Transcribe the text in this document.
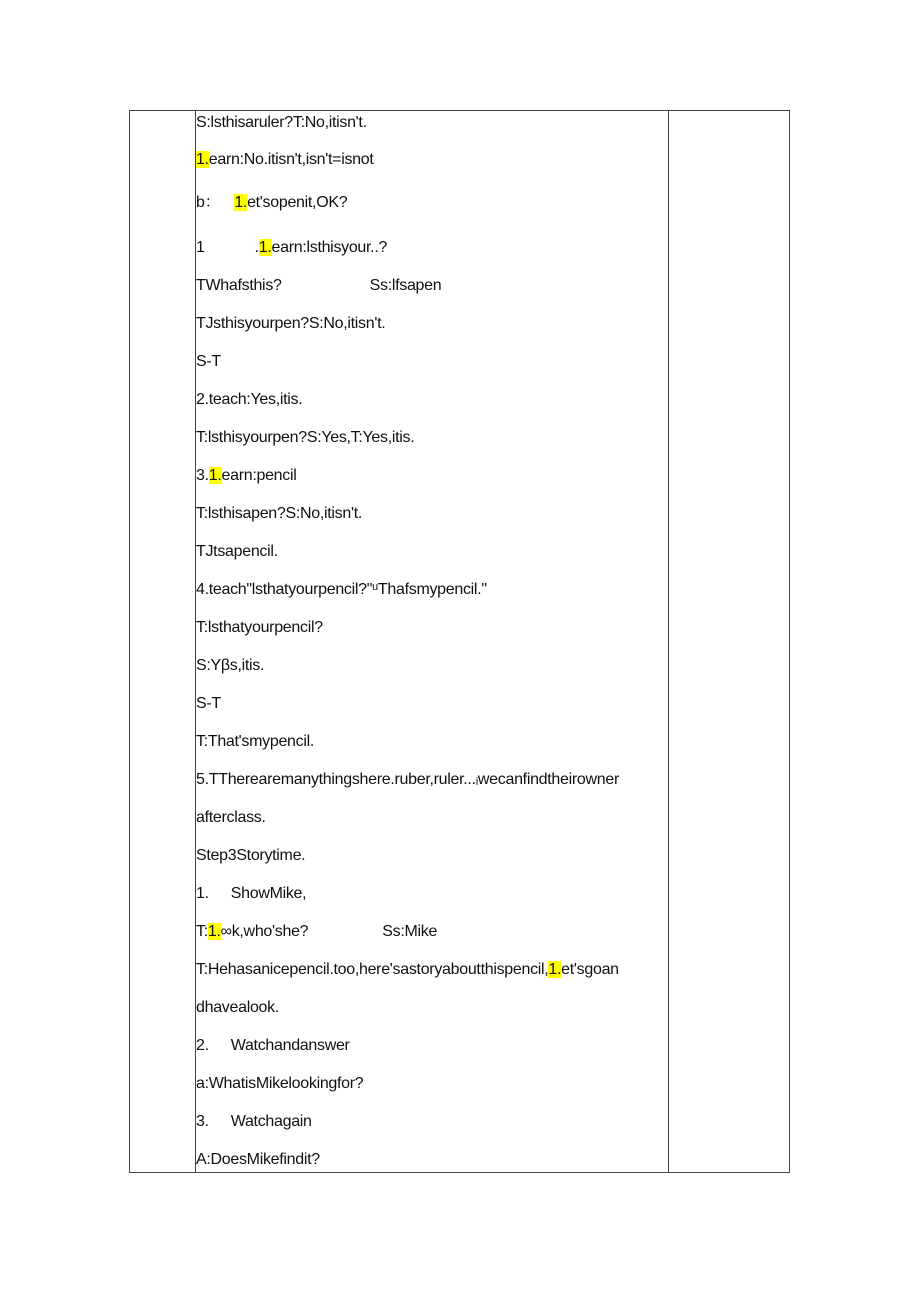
S:lsthisaruler?T:No,itisn't.
1.earn:No.itisn't,isn't=isnot
b： 1.et'sopenit,OK?
1	.1.earn:lsthisyour..?
TWhafsthis?	Ss:lfsapen
TJsthisyourpen?S:No,itisn't.
S-T
2.teach:Yes,itis.
T:lsthisyourpen?S:Yes,T:Yes,itis.
3.1.earn:pencil
T:lsthisapen?S:No,itisn't.
TJtsapencil.
4.teach"lsthatyourpencil?"ᵘThafsmypencil."
T:lsthatyourpencil?
S:Yβs,itis.
S-T
T:That'smypencil.
5.TTherearemanythingshere.ruber,ruler...ᵢwecanfindtheirowner
afterclass.
Step3Storytime.
1. ShowMike,
T:1.∞k,who'she?	Ss:Mike
T:Hehasanicepencil.too,here'sastoryaboutthispencil,1.et'sgoan
dhavealook.
2. Watchandanswer
a:WhatisMikelookingfor?
3. Watchagain
A:DoesMikefindit?
